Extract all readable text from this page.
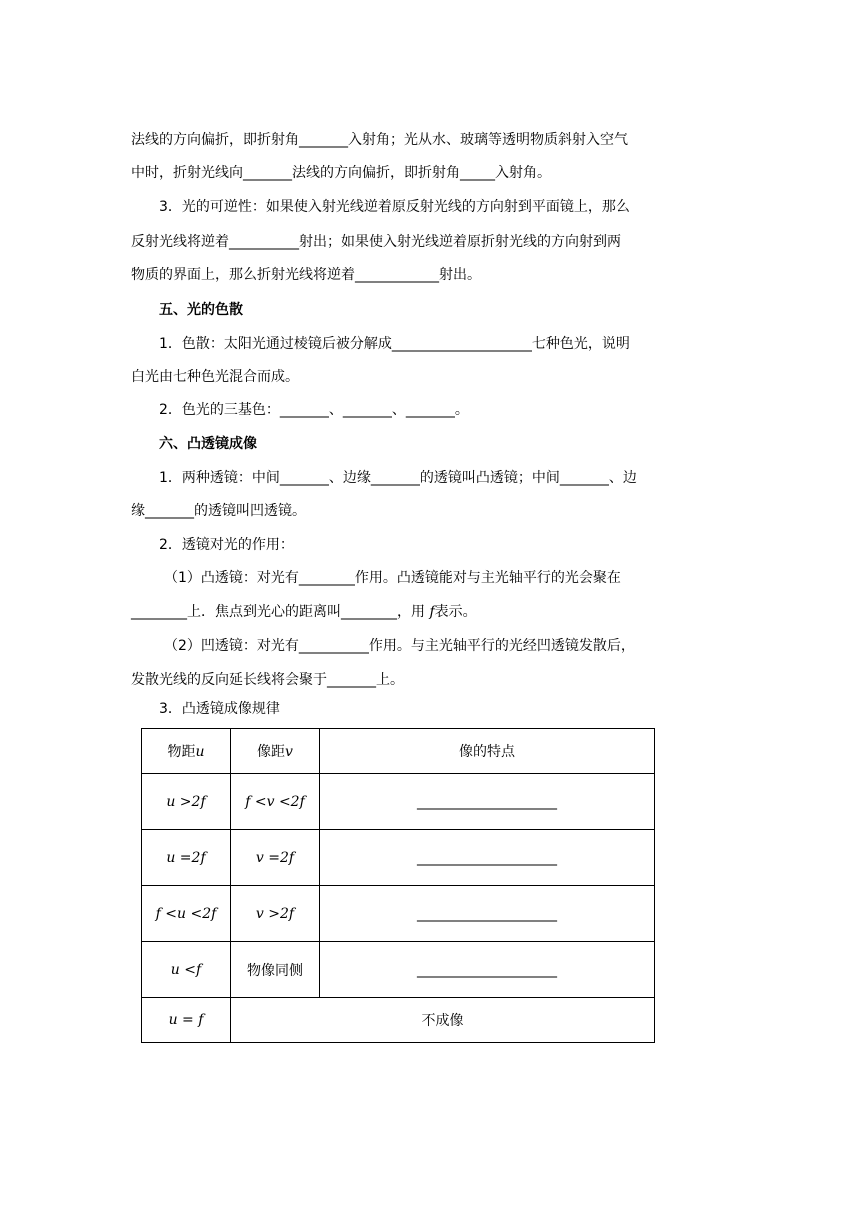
法线的方向偏折，即折射角_______入射角；光从水、玻璃等透明物质斜射入空气
中时，折射光线向_______法线的方向偏折，即折射角_____入射角。
3．光的可逆性：如果使入射光线逆着原反射光线的方向射到平面镜上，那么
反射光线将逆着__________射出；如果使入射光线逆着原折射光线的方向射到两
物质的界面上，那么折射光线将逆着____________射出。
五、光的色散
1．色散：太阳光通过棱镜后被分解成____________________七种色光，说明
白光由七种色光混合而成。
2．色光的三基色：_______、_______、_______。
六、凸透镜成像
1．两种透镜：中间_______、边缘_______的透镜叫凸透镜；中间_______、边
缘_______的透镜叫凹透镜。
2．透镜对光的作用：
（1）凸透镜：对光有________作用。凸透镜能对与主光轴平行的光会聚在
________上．焦点到光心的距离叫________，用 f表示。
（2）凹透镜：对光有__________作用。与主光轴平行的光经凹透镜发散后，
发散光线的反向延长线将会聚于_______上。
3．凸透镜成像规律
物距u	像距v	像的特点
u >2f	f <v <2f	____________________
u =2f	v =2f	____________________
f <u <2f	v >2f	____________________
u <f	物像同侧	____________________
u = f	不成像	
